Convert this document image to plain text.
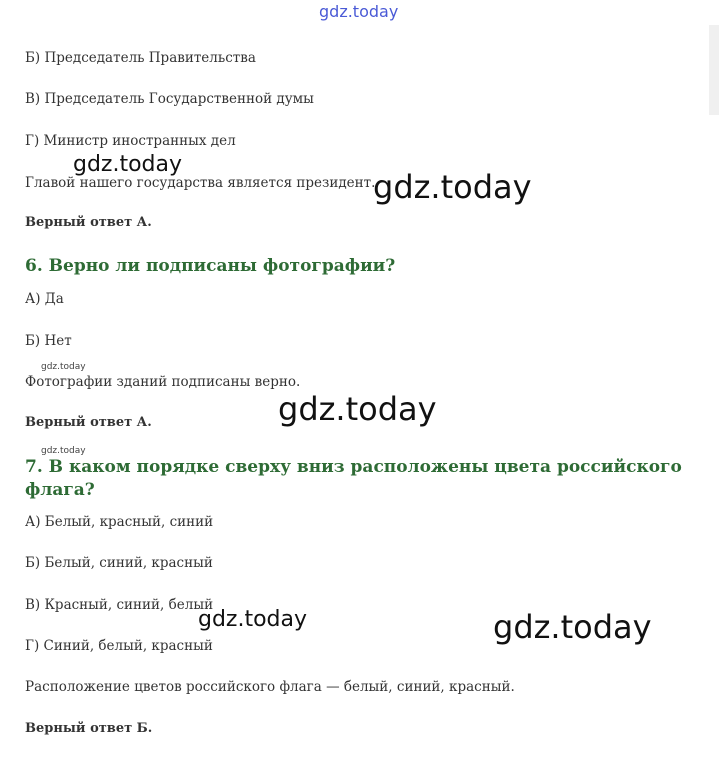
gdz.today
Б) Председатель Правительства
В) Председатель Государственной думы
Г) Министр иностранных дел
gdz.today
Главой нашего государства является президент.
gdz.today
Верный ответ А.
6. Верно ли подписаны фотографии?
А) Да
Б) Нет
gdz.today
Фотографии зданий подписаны верно.
gdz.today
Верный ответ А.
gdz.today
7. В каком порядке сверху вниз расположены цвета российского
флага?
А) Белый, красный, синий
Б) Белый, синий, красный
В) Красный, синий, белый
gdz.today	gdz.today
Г) Синий, белый, красный
Расположение цветов российского флага — белый, синий, красный.
Верный ответ Б.
